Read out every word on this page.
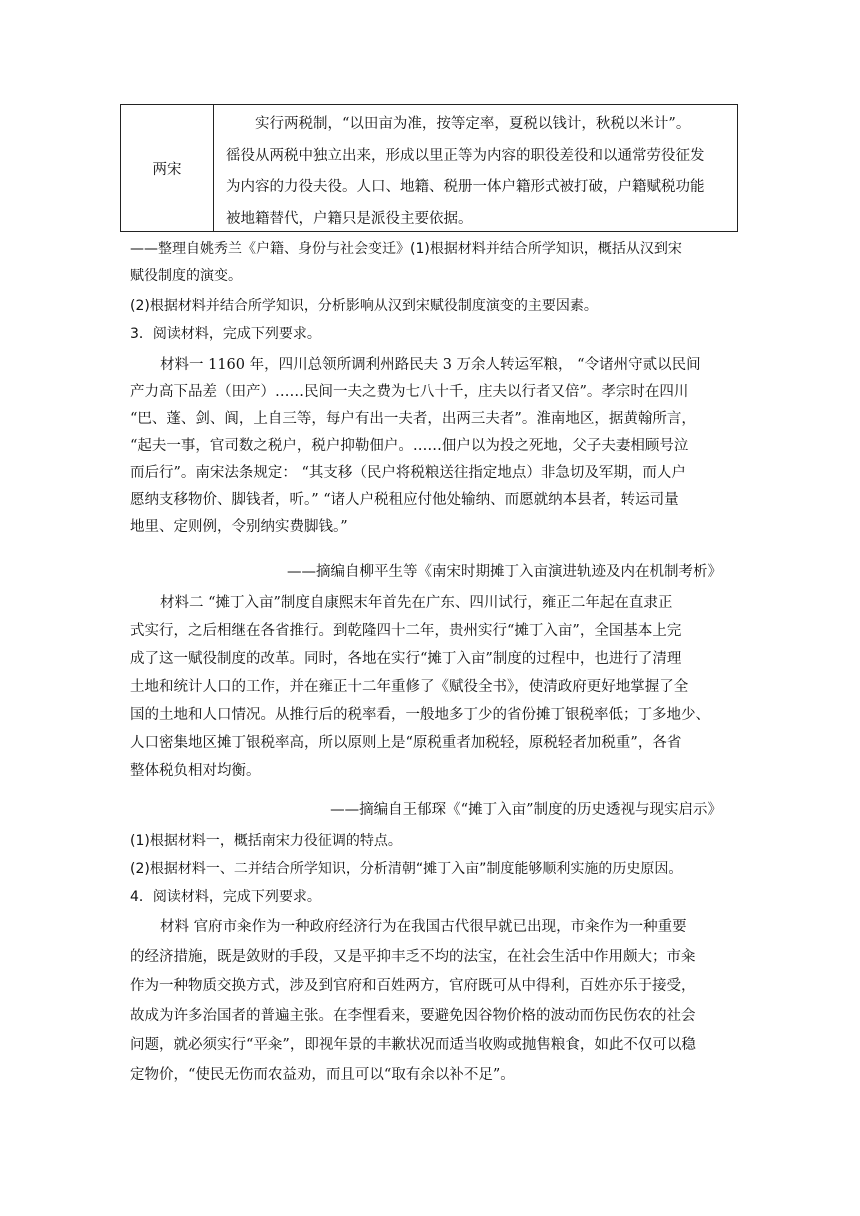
两宋
　　实行两税制，“以田亩为准，按等定率，夏税以钱计，秋税以米计”。
徭役从两税中独立出来，形成以里正等为内容的职役差役和以通常劳役征发
为内容的力役夫役。人口、地籍、税册一体户籍形式被打破，户籍赋税功能
被地籍替代，户籍只是派役主要依据。
——整理自姚秀兰《户籍、身份与社会变迁》(1)根据材料并结合所学知识，概括从汉到宋
赋役制度的演变。
(2)根据材料并结合所学知识，分析影响从汉到宋赋役制度演变的主要因素。
3．阅读材料，完成下列要求。
材料一 1160 年，四川总领所调利州路民夫 3 万余人转运军粮， “令诸州守贰以民间
产力高下品差（田产）……民间一夫之费为七八十千，庄夫以行者又倍”。孝宗时在四川
“巴、蓬、剑、阆，上自三等，每户有出一夫者，出两三夫者”。淮南地区，据黄翰所言，
“起夫一事，官司数之税户，税户抑勒佃户。……佃户以为投之死地，父子夫妻相顾号泣
而后行”。南宋法条规定： “其支移（民户将税粮送往指定地点）非急切及军期，而人户
愿纳支移物价、脚钱者，听。” “诸人户税租应付他处输纳、而愿就纳本县者，转运司量
地里、定则例，令别纳实费脚钱。”
——摘编自柳平生等《南宋时期摊丁入亩演进轨迹及内在机制考析》
材料二 “摊丁入亩”制度自康熙末年首先在广东、四川试行，雍正二年起在直隶正
式实行，之后相继在各省推行。到乾隆四十二年，贵州实行“摊丁入亩”，全国基本上完
成了这一赋役制度的改革。同时，各地在实行“摊丁入亩”制度的过程中，也进行了清理
土地和统计人口的工作，并在雍正十二年重修了《赋役全书》，使清政府更好地掌握了全
国的土地和人口情况。从推行后的税率看，一般地多丁少的省份摊丁银税率低；丁多地少、
人口密集地区摊丁银税率高，所以原则上是“原税重者加税轻，原税轻者加税重”，各省
整体税负相对均衡。
——摘编自王郁琛《“摊丁入亩”制度的历史透视与现实启示》
(1)根据材料一，概括南宋力役征调的特点。
(2)根据材料一、二并结合所学知识，分析清朝“摊丁入亩”制度能够顺利实施的历史原因。
4．阅读材料，完成下列要求。
材料 官府市籴作为一种政府经济行为在我国古代很早就已出现，市籴作为一种重要
的经济措施，既是敛财的手段，又是平抑丰乏不均的法宝，在社会生活中作用颇大；市籴
作为一种物质交换方式，涉及到官府和百姓两方，官府既可从中得利，百姓亦乐于接受，
故成为许多治国者的普遍主张。在李悝看来，要避免因谷物价格的波动而伤民伤农的社会
问题，就必须实行“平籴”，即视年景的丰歉状况而适当收购或抛售粮食，如此不仅可以稳
定物价，“使民无伤而农益劝，而且可以“取有余以补不足”。
